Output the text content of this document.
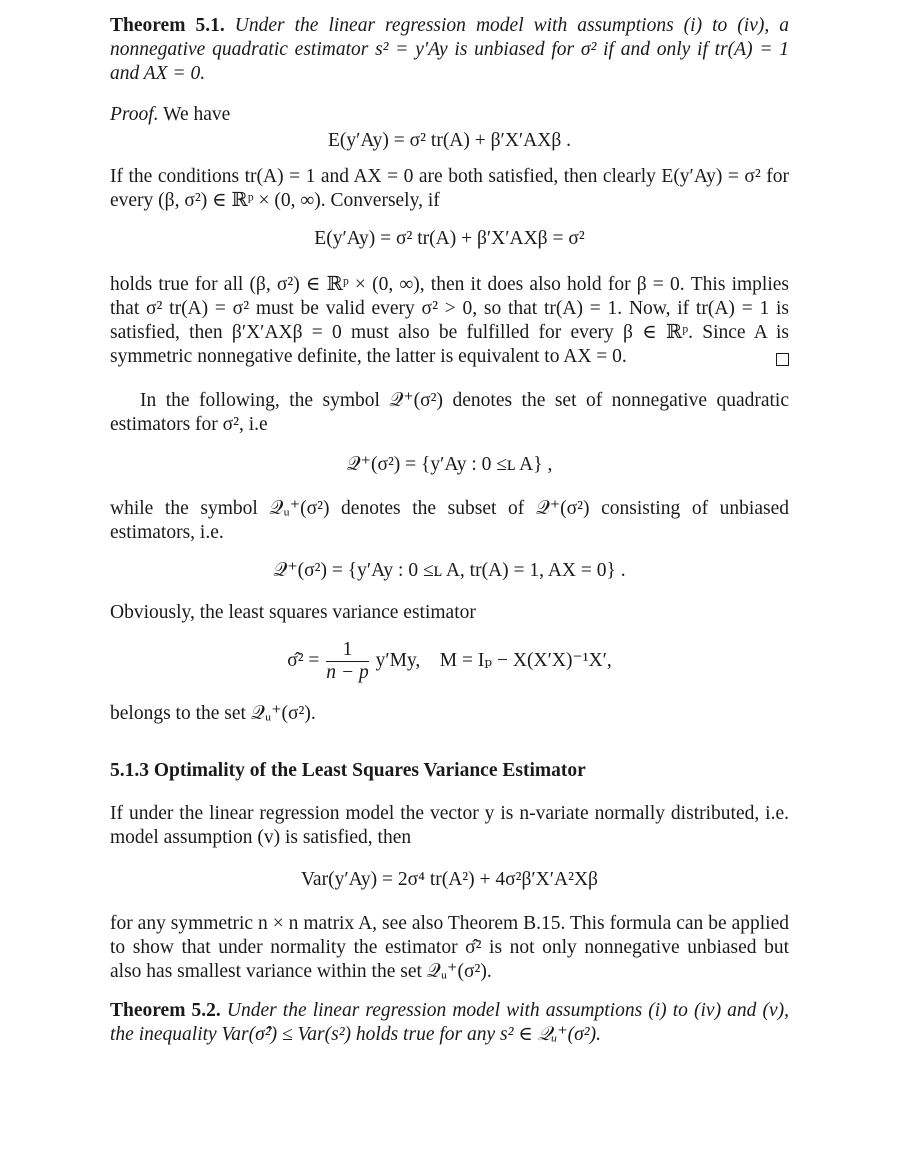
Theorem 5.1. Under the linear regression model with assumptions (i) to (iv), a nonnegative quadratic estimator s² = y′Ay is unbiased for σ² if and only if tr(A) = 1 and AX = 0.

Proof. We have

E(y′Ay) = σ² tr(A) + β′X′AXβ .

If the conditions tr(A) = 1 and AX = 0 are both satisfied, then clearly E(y′Ay) = σ² for every (β, σ²) ∈ ℝᵖ × (0, ∞). Conversely, if

E(y′Ay) = σ² tr(A) + β′X′AXβ = σ²

holds true for all (β, σ²) ∈ ℝᵖ × (0, ∞), then it does also hold for β = 0. This implies that σ² tr(A) = σ² must be valid every σ² > 0, so that tr(A) = 1. Now, if tr(A) = 1 is satisfied, then β′X′AXβ = 0 must also be fulfilled for every β ∈ ℝᵖ. Since A is symmetric nonnegative definite, the latter is equivalent to AX = 0.

In the following, the symbol 𝒬⁺(σ²) denotes the set of nonnegative quadratic estimators for σ², i.e

𝒬⁺(σ²) = {y′Ay : 0 ≤ʟ A} ,

while the symbol 𝒬ᵤ⁺(σ²) denotes the subset of 𝒬⁺(σ²) consisting of unbiased estimators, i.e.

𝒬⁺(σ²) = {y′Ay : 0 ≤ʟ A, tr(A) = 1, AX = 0} .

Obviously, the least squares variance estimator

σ̂² = $\frac{1}{n - p} y'My$,    M = Iₚ − X(X′X)⁻¹X′,

belongs to the set 𝒬ᵤ⁺(σ²).

5.1.3 Optimality of the Least Squares Variance Estimator

If under the linear regression model the vector y is n-variate normally distributed, i.e. model assumption (v) is satisfied, then

Var(y′Ay) = 2σ⁴ tr(A²) + 4σ²β′X′A²Xβ

for any symmetric n × n matrix A, see also Theorem B.15. This formula can be applied to show that under normality the estimator σ̂² is not only nonnegative unbiased but also has smallest variance within the set 𝒬ᵤ⁺(σ²).

Theorem 5.2. Under the linear regression model with assumptions (i) to (iv) and (v), the inequality Var(σ̂²) ≤ Var(s²) holds true for any s² ∈ 𝒬ᵤ⁺(σ²).
